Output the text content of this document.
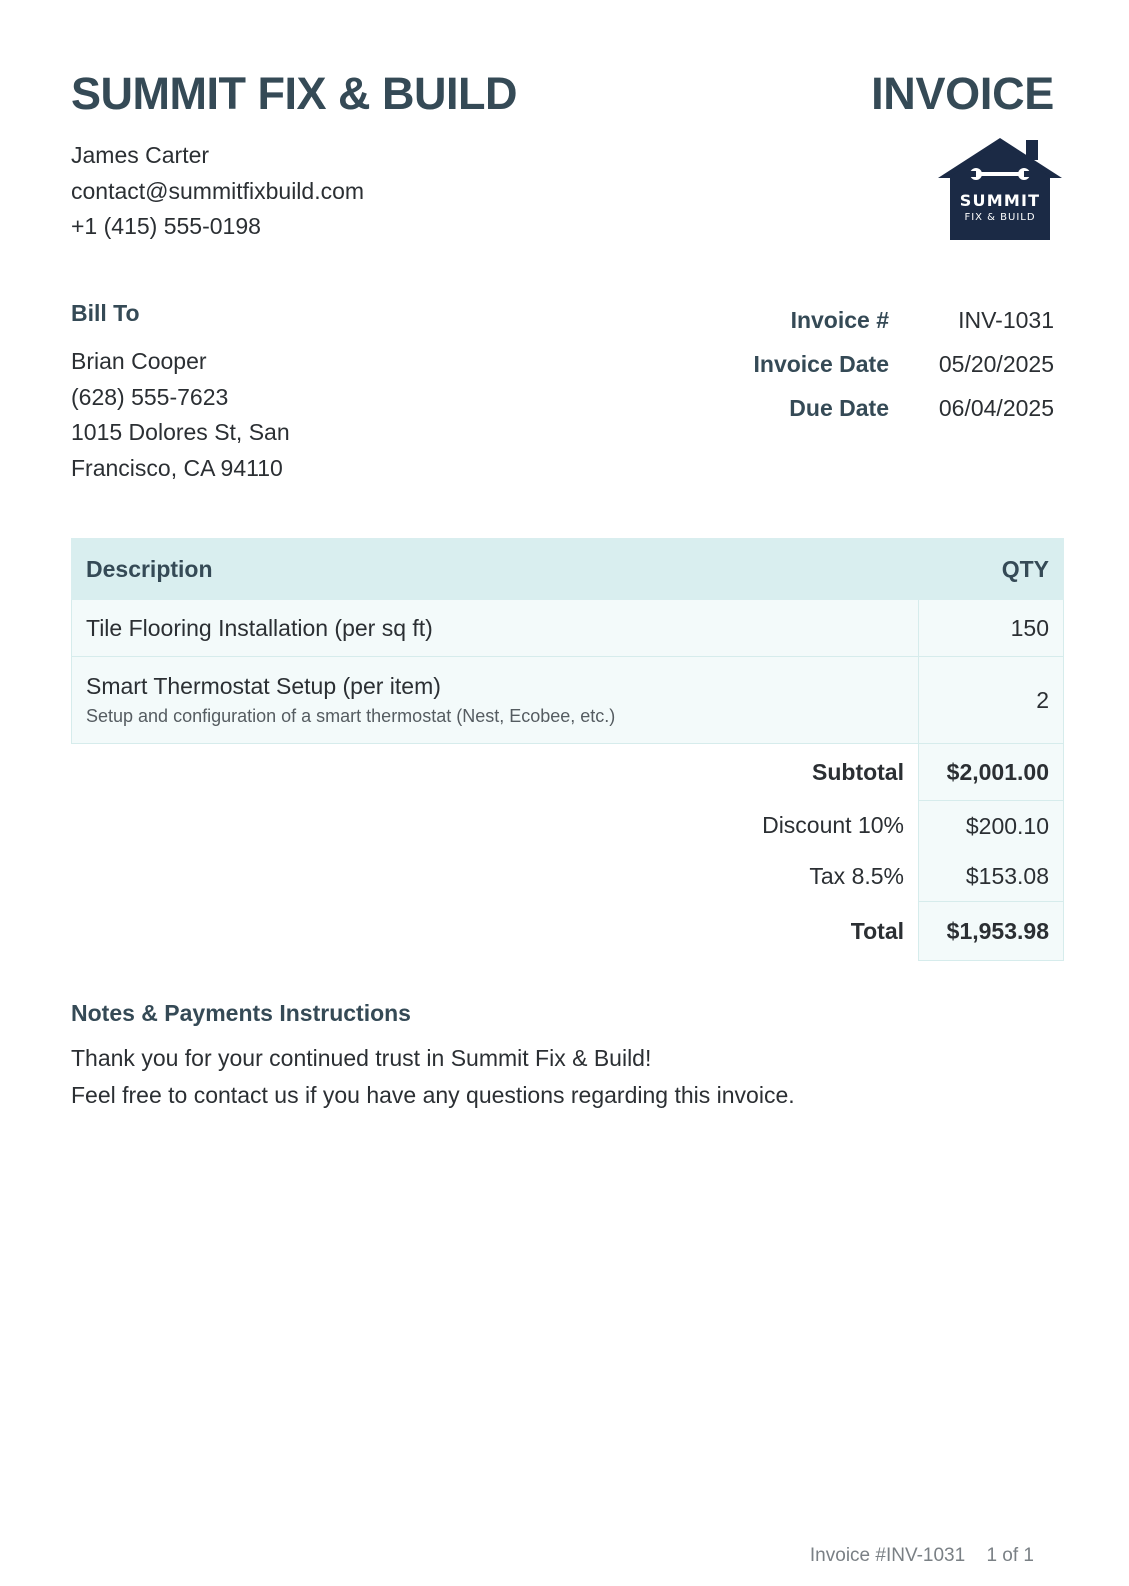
SUMMIT FIX & BUILD	INVOICE
James Carter
contact@summitfixbuild.com
+1 (415) 555-0198
SUMMIT
FIX & BUILD
Bill To
Brian Cooper
(628) 555-7623
1015 Dolores St, San
Francisco, CA 94110
Invoice #	INV-1031
Invoice Date	05/20/2025
Due Date	06/04/2025
Description	QTY

Tile Flooring Installation (per sq ft)	150

Smart Thermostat Setup (per item)
Setup and configuration of a smart thermostat (Nest, Ecobee, etc.)	2
Subtotal	$2,001.00
Discount 10%	$200.10
Tax 8.5%	$153.08
Total	$1,953.98
Notes & Payments Instructions
Thank you for your continued trust in Summit Fix & Build!
Feel free to contact us if you have any questions regarding this invoice.
Invoice #INV-1031 1 of 1
